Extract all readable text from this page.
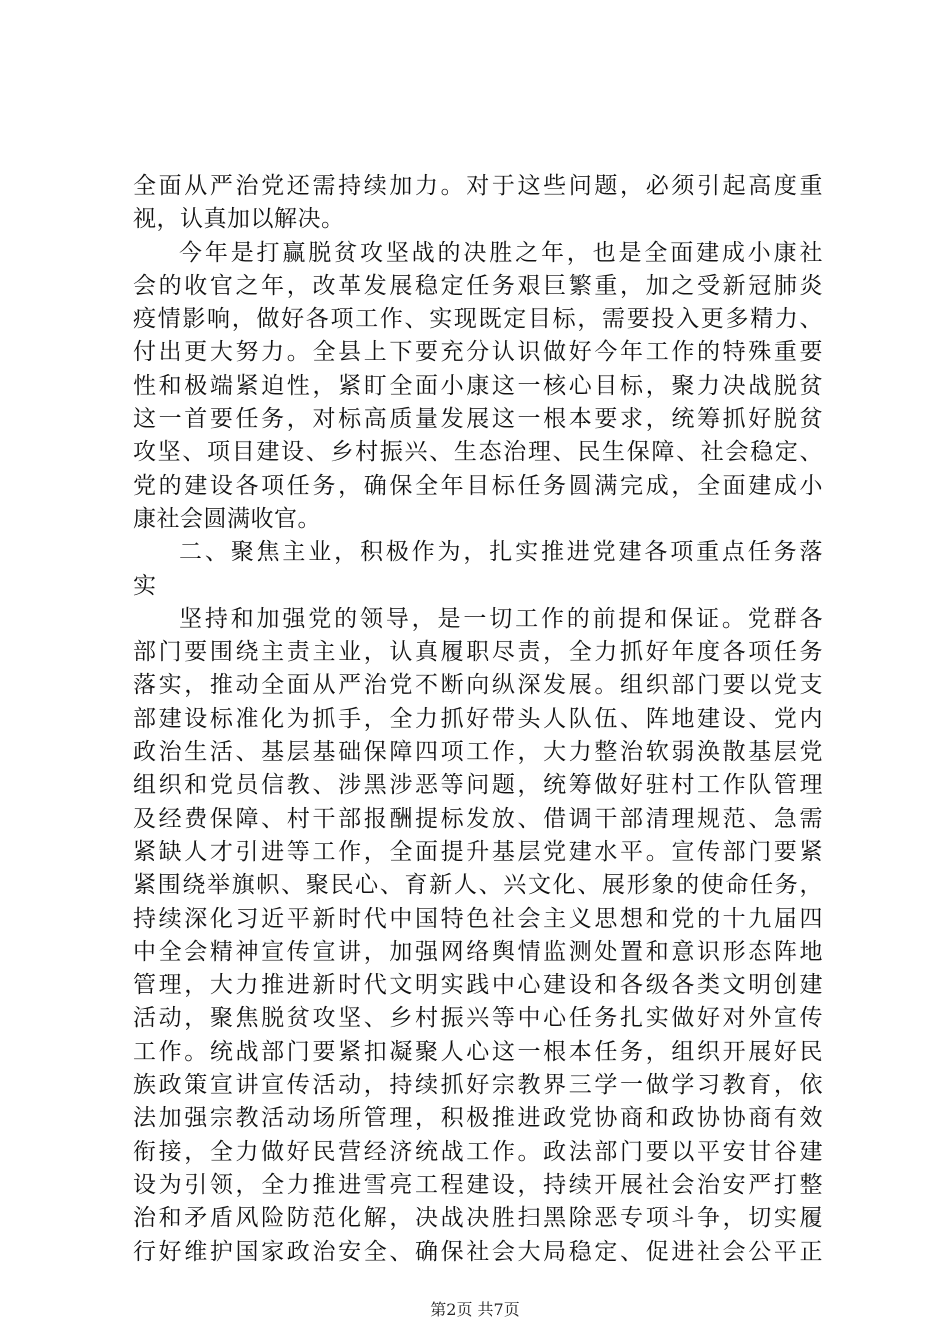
全面从严治党还需持续加力。对于这些问题，必须引起高度重
视，认真加以解决。
今年是打赢脱贫攻坚战的决胜之年，也是全面建成小康社
会的收官之年，改革发展稳定任务艰巨繁重，加之受新冠肺炎
疫情影响，做好各项工作、实现既定目标，需要投入更多精力、
付出更大努力。全县上下要充分认识做好今年工作的特殊重要
性和极端紧迫性，紧盯全面小康这一核心目标，聚力决战脱贫
这一首要任务，对标高质量发展这一根本要求，统筹抓好脱贫
攻坚、项目建设、乡村振兴、生态治理、民生保障、社会稳定、
党的建设各项任务，确保全年目标任务圆满完成，全面建成小
康社会圆满收官。
二、聚焦主业，积极作为，扎实推进党建各项重点任务落
实
坚持和加强党的领导，是一切工作的前提和保证。党群各
部门要围绕主责主业，认真履职尽责，全力抓好年度各项任务
落实，推动全面从严治党不断向纵深发展。组织部门要以党支
部建设标准化为抓手，全力抓好带头人队伍、阵地建设、党内
政治生活、基层基础保障四项工作，大力整治软弱涣散基层党
组织和党员信教、涉黑涉恶等问题，统筹做好驻村工作队管理
及经费保障、村干部报酬提标发放、借调干部清理规范、急需
紧缺人才引进等工作，全面提升基层党建水平。宣传部门要紧
紧围绕举旗帜、聚民心、育新人、兴文化、展形象的使命任务，
持续深化习近平新时代中国特色社会主义思想和党的十九届四
中全会精神宣传宣讲，加强网络舆情监测处置和意识形态阵地
管理，大力推进新时代文明实践中心建设和各级各类文明创建
活动，聚焦脱贫攻坚、乡村振兴等中心任务扎实做好对外宣传
工作。统战部门要紧扣凝聚人心这一根本任务，组织开展好民
族政策宣讲宣传活动，持续抓好宗教界三学一做学习教育，依
法加强宗教活动场所管理，积极推进政党协商和政协协商有效
衔接，全力做好民营经济统战工作。政法部门要以平安甘谷建
设为引领，全力推进雪亮工程建设，持续开展社会治安严打整
治和矛盾风险防范化解，决战决胜扫黑除恶专项斗争，切实履
行好维护国家政治安全、确保社会大局稳定、促进社会公平正
第2页 共7页
